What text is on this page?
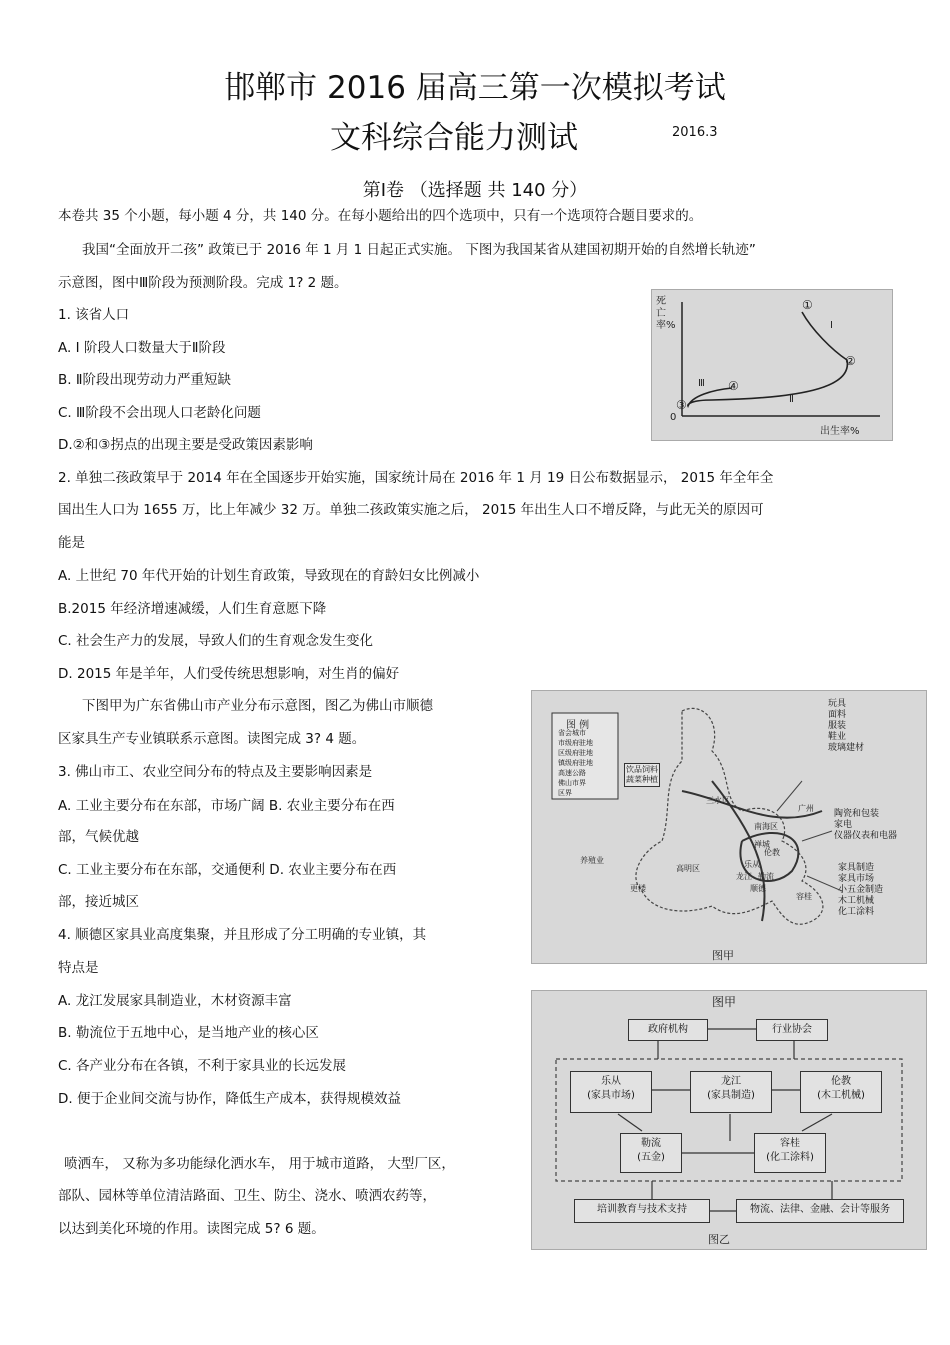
邯郸市 2016 届高三第一次模拟考试
文科综合能力测试	2016.3
第Ⅰ卷 （选择题 共 140 分）
本卷共 35 个小题，每小题 4 分，共 140 分。在每小题给出的四个选项中，只有一个选项符合题目要求的。
我国“全面放开二孩” 政策已于 2016 年 1 月 1 日起正式实施。 下图为我国某省从建国初期开始的自然增长轨迹”
示意图，图中Ⅲ阶段为预测阶段。完成 1? 2 题。
1. 该省人口
A. Ⅰ 阶段人口数量大于Ⅱ阶段
B. Ⅱ阶段出现劳动力严重短缺
C. Ⅲ阶段不会出现人口老龄化问题
D.②和③拐点的出现主要是受政策因素影响
2. 单独二孩政策早于 2014 年在全国逐步开始实施，国家统计局在 2016 年 1 月 19 日公布数据显示， 2015 年全年全
国出生人口为 1655 万，比上年减少 32 万。单独二孩政策实施之后， 2015 年出生人口不增反降，与此无关的原因可
能是
A. 上世纪 70 年代开始的计划生育政策，导致现在的育龄妇女比例减小
B.2015 年经济增速减缓，人们生育意愿下降
C. 社会生产力的发展，导致人们的生育观念发生变化
D. 2015 年是羊年，人们受传统思想影响，对生肖的偏好
下图甲为广东省佛山市产业分布示意图，图乙为佛山市顺德
区家具生产专业镇联系示意图。读图完成 3? 4 题。
3. 佛山市工、农业空间分布的特点及主要影响因素是
A. 工业主要分布在东部，市场广阔 B. 农业主要分布在西
部，气候优越
C. 工业主要分布在东部，交通便利 D. 农业主要分布在西
部，接近城区
4. 顺德区家具业高度集聚，并且形成了分工明确的专业镇，其
特点是
A. 龙江发展家具制造业，木材资源丰富
B. 勒流位于五地中心，是当地产业的核心区
C. 各产业分布在各镇，不利于家具业的长远发展
D. 便于企业间交流与协作，降低生产成本，获得规模效益
喷洒车， 又称为多功能绿化洒水车， 用于城市道路， 大型厂区，
部队、园林等单位清洁路面、卫生、防尘、浇水、喷洒农药等，
以达到美化环境的作用。读图完成 5? 6 题。
死亡率%
出生率%
0
①
②
③
④
Ⅰ
Ⅱ
Ⅲ
图 例
省会城市
市级府驻地
区级府驻地
镇级府驻地
高速公路
佛山市界
区界
玩具
面料
服装
鞋业
玻璃建材
饮品饲料
蔬菜种植
陶瓷和包装
家电
仪器仪表和电器
家具制造
家具市场
小五金制造
木工机械
化工涂料
三水区
广州
南海区
养殖业
高明区
禅城
伦教
乐从
龙江 勒流
顺德
容桂
更楼
图甲
图甲
政府机构	行业协会
乐从
(家具市场)
龙江
(家具制造)
伦教
(木工机械)
勒流
(五金)
容桂
(化工涂料)
培训教育与技术支持	物流、法律、金融、会计等服务
图乙
